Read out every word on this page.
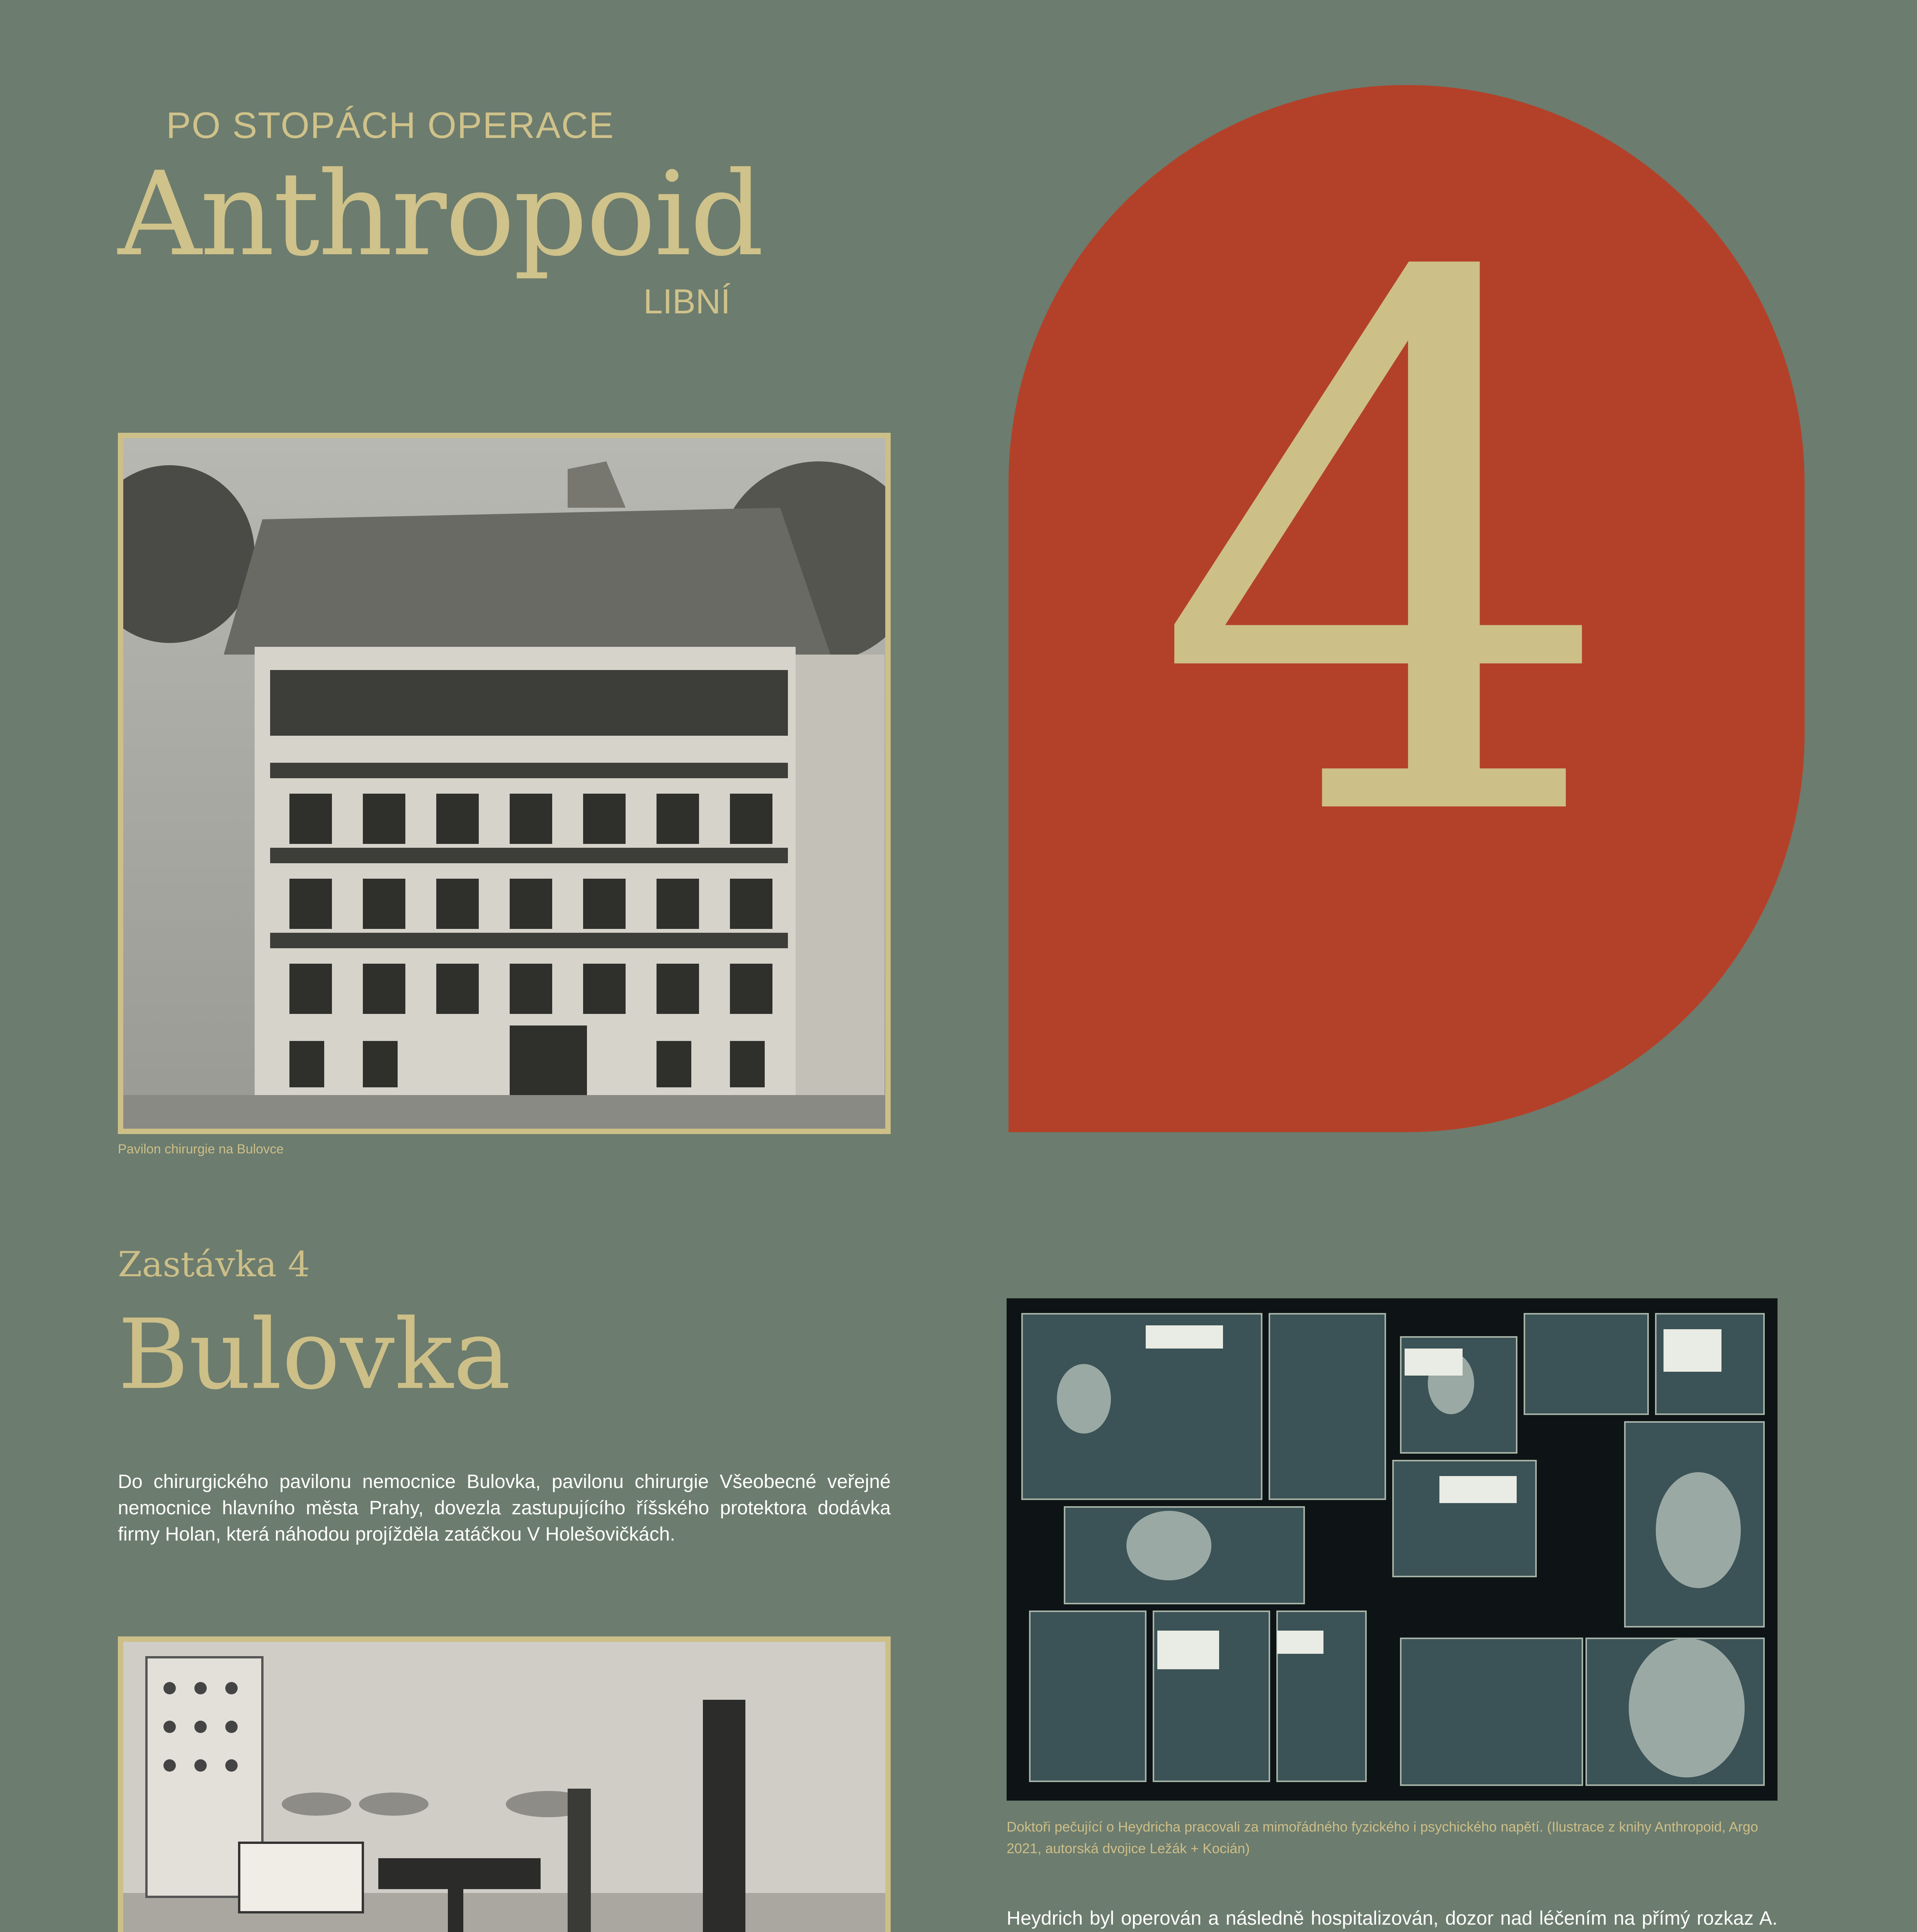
PO STOPÁCH OPERACE
Anthropoid
LIBNÍ 4
Pavilon chirurgie na Bulovce
Zastávka 4
Bulovka
Do chirurgického pavilonu nemocnice Bulovka, pavilonu chirurgie Všeobecné veřejné nemocnice hlavního města Prahy, dovezla zastupujícího říšského protektora dodávka firmy Holan, která náhodou projížděla zatáčkou V Holešovičkách.
Doktoři pečující o Heydricha pracovali za mimořádného fyzického i psychického napětí. (Ilustrace z knihy Anthropoid, Argo 2021, autorská dvojice Ležák + Kocián)
Heydrich byl operován a následně hospitalizován, dozor nad léčením na přímý rozkaz A.
